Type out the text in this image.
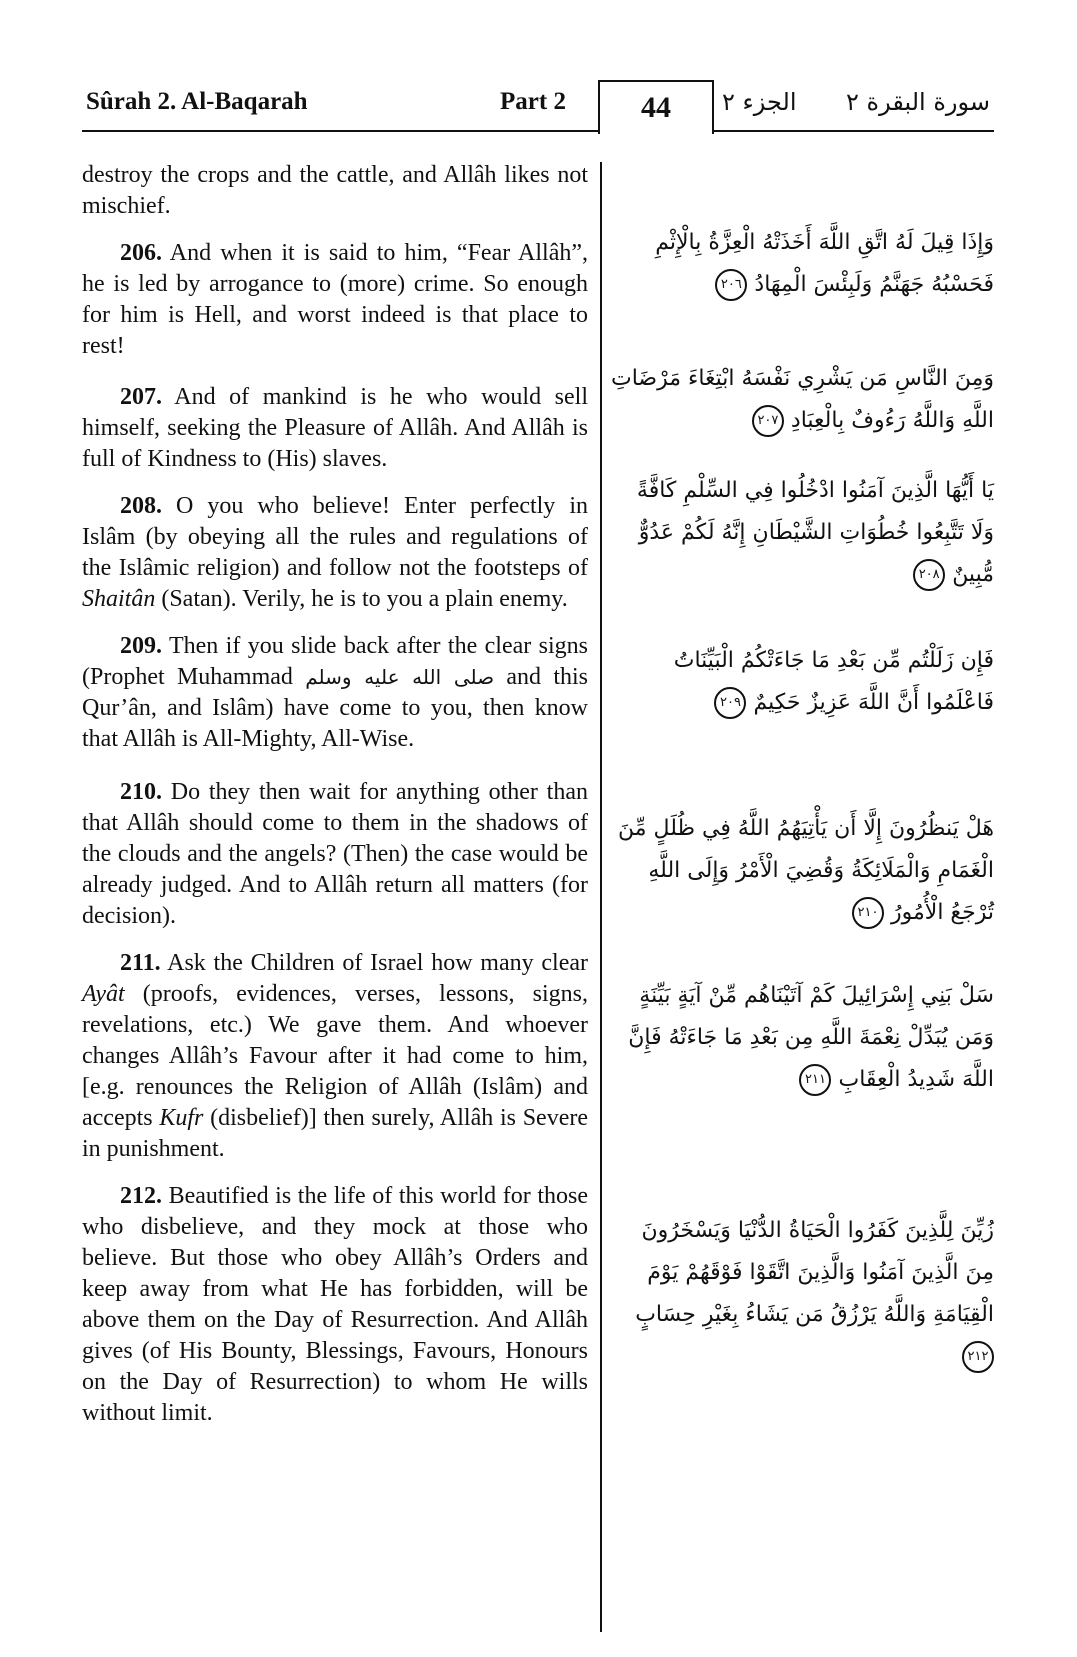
Sûrah 2. Al-Baqarah	Part 2	الجزء ٢ سورة البقرة ٢
44

destroy the crops and the cattle, and Allâh likes not mischief.

206. And when it is said to him, “Fear Allâh”, he is led by arrogance to (more) crime. So enough for him is Hell, and worst indeed is that place to rest!

207. And of mankind is he who would sell himself, seeking the Pleasure of Allâh. And Allâh is full of Kindness to (His) slaves.

208. O you who believe! Enter perfectly in Islâm (by obeying all the rules and regulations of the Islâmic religion) and follow not the footsteps of Shaitân (Satan). Verily, he is to you a plain enemy.

209. Then if you slide back after the clear signs (Prophet Muhammad صلى الله عليه وسلم and this Qur’ân, and Islâm) have come to you, then know that Allâh is All-Mighty, All-Wise.

210. Do they then wait for anything other than that Allâh should come to them in the shadows of the clouds and the angels? (Then) the case would be already judged. And to Allâh return all matters (for decision).

211. Ask the Children of Israel how many clear Ayât (proofs, evidences, verses, lessons, signs, revelations, etc.) We gave them. And whoever changes Allâh’s Favour after it had come to him, [e.g. renounces the Religion of Allâh (Islâm) and accepts Kufr (disbelief)] then surely, Allâh is Severe in punishment.

212. Beautified is the life of this world for those who disbelieve, and they mock at those who believe. But those who obey Allâh’s Orders and keep away from what He has forbidden, will be above them on the Day of Resurrection. And Allâh gives (of His Bounty, Blessings, Favours, Honours on the Day of Resurrection) to whom He wills without limit.

وَإِذَا قِيلَ لَهُ اتَّقِ اللَّهَ أَخَذَتْهُ الْعِزَّةُ بِالْإِثْمِ فَحَسْبُهُ جَهَنَّمُ وَلَبِئْسَ الْمِهَادُ ٢٠٦
وَمِنَ النَّاسِ مَن يَشْرِي نَفْسَهُ ابْتِغَاءَ مَرْضَاتِ اللَّهِ وَاللَّهُ رَءُوفٌ بِالْعِبَادِ ٢٠٧
يَا أَيُّهَا الَّذِينَ آمَنُوا ادْخُلُوا فِي السِّلْمِ كَافَّةً وَلَا تَتَّبِعُوا خُطُوَاتِ الشَّيْطَانِ إِنَّهُ لَكُمْ عَدُوٌّ مُّبِينٌ ٢٠٨
فَإِن زَلَلْتُم مِّن بَعْدِ مَا جَاءَتْكُمُ الْبَيِّنَاتُ فَاعْلَمُوا أَنَّ اللَّهَ عَزِيزٌ حَكِيمٌ ٢٠٩
هَلْ يَنظُرُونَ إِلَّا أَن يَأْتِيَهُمُ اللَّهُ فِي ظُلَلٍ مِّنَ الْغَمَامِ وَالْمَلَائِكَةُ وَقُضِيَ الْأَمْرُ وَإِلَى اللَّهِ تُرْجَعُ الْأُمُورُ ٢١٠
سَلْ بَنِي إِسْرَائِيلَ كَمْ آتَيْنَاهُم مِّنْ آيَةٍ بَيِّنَةٍ وَمَن يُبَدِّلْ نِعْمَةَ اللَّهِ مِن بَعْدِ مَا جَاءَتْهُ فَإِنَّ اللَّهَ شَدِيدُ الْعِقَابِ ٢١١
زُيِّنَ لِلَّذِينَ كَفَرُوا الْحَيَاةُ الدُّنْيَا وَيَسْخَرُونَ مِنَ الَّذِينَ آمَنُوا وَالَّذِينَ اتَّقَوْا فَوْقَهُمْ يَوْمَ الْقِيَامَةِ وَاللَّهُ يَرْزُقُ مَن يَشَاءُ بِغَيْرِ حِسَابٍ ٢١٢
